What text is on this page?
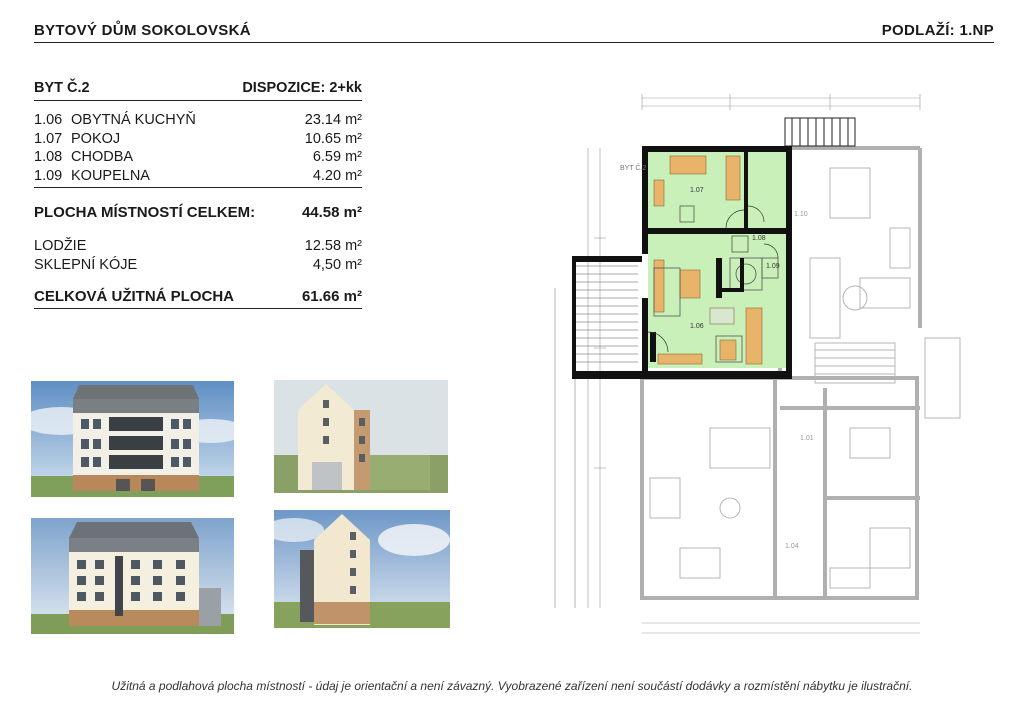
BYTOVÝ DŮM SOKOLOVSKÁ	PODLAŽÍ: 1.NP
BYT Č.2	DISPOZICE: 2+kk
1.06 OBYTNÁ KUCHYŇ	23.14 m²
1.07 POKOJ	10.65 m²
1.08 CHODBA	6.59 m²
1.09 KOUPELNA	4.20 m²
PLOCHA MÍSTNOSTÍ CELKEM:	44.58 m²
LODŽIE	12.58 m²
SKLEPNÍ KÓJE	4,50 m²
CELKOVÁ UŽITNÁ PLOCHA	61.66 m²
1.08
1.07
1.06
1.09
BYT Č.2
1.10
1.01
1.04
Užitná a podlahová plocha místností - údaj je orientační a není závazný. Vyobrazené zařízení není součástí dodávky a rozmístění nábytku je ilustrační.
